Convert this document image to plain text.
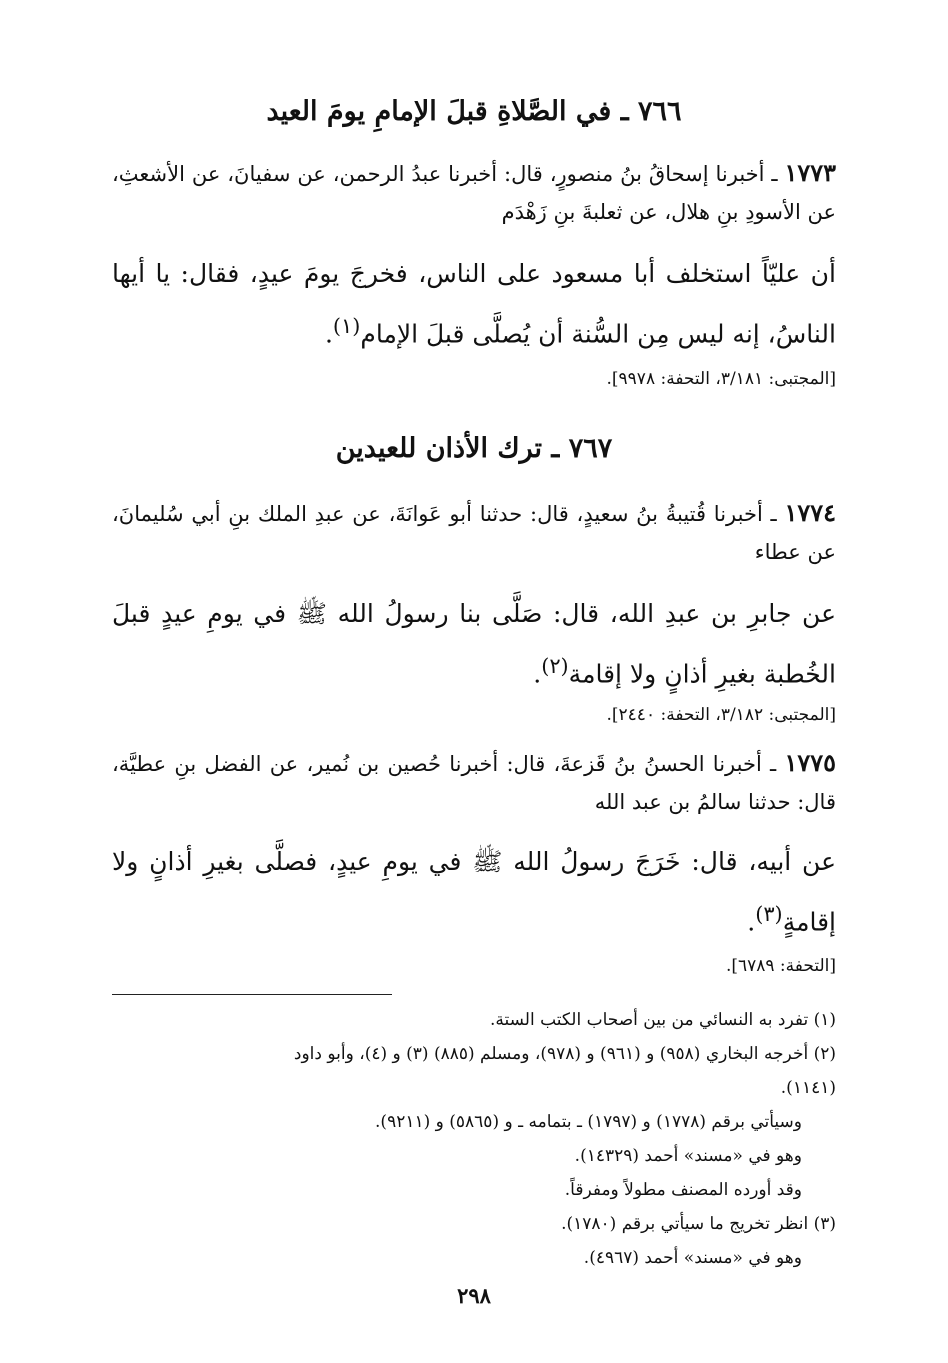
٧٦٦ ـ في الصَّلاةِ قبلَ الإمامِ يومَ العيد
١٧٧٣ ـ أخبرنا إسحاقُ بنُ منصورٍ، قال: أخبرنا عبدُ الرحمن، عن سفيانَ، عن الأشعثِ، عن الأسودِ بنِ هلال، عن ثعلبةَ بنِ زَهْدَم
أن عليّاً استخلف أبا مسعود على الناس، فخرجَ يومَ عيدٍ، فقال: يا أيها الناسُ، إنه ليس مِن السُّنة أن يُصلَّى قبلَ الإمام$^{(١)}$.
[المجتبى: ٣/١٨١، التحفة: ٩٩٧٨].
٧٦٧ ـ ترك الأذان للعيدين
١٧٧٤ ـ أخبرنا قُتيبةُ بنُ سعيدٍ، قال: حدثنا أبو عَوانَةَ، عن عبدِ الملك بنِ أبي سُليمانَ، عن عطاء
عن جابرِ بن عبدِ الله، قال: صَلَّى بنا رسولُ الله ﷺ في يومِ عيدٍ قبلَ الخُطبة بغيرِ أذانٍ ولا إقامة$^{(٢)}$.
[المجتبى: ٣/١٨٢، التحفة: ٢٤٤٠].
١٧٧٥ ـ أخبرنا الحسنُ بنُ قَزعةَ، قال: أخبرنا حُصين بن نُمير، عن الفضل بنِ عطيَّة، قال: حدثنا سالمُ بن عبد الله
عن أبيه، قال: خَرَجَ رسولُ الله ﷺ في يومِ عيدٍ، فصلَّى بغيرِ أذانٍ ولا إقامةٍ$^{(٣)}$.
[التحفة: ٦٧٨٩].
(١) تفرد به النسائي من بين أصحاب الكتب الستة.
(٢) أخرجه البخاري (٩٥٨) و (٩٦١) و (٩٧٨)، ومسلم (٨٨٥) (٣) و (٤)، وأبو داود
(١١٤١).
وسيأتي برقم (١٧٧٨) و (١٧٩٧) ـ بتمامه ـ و (٥٨٦٥) و (٩٢١١).
وهو في «مسند» أحمد (١٤٣٢٩).
وقد أورده المصنف مطولاً ومفرقاً.
(٣) انظر تخريج ما سيأتي برقم (١٧٨٠).
وهو في «مسند» أحمد (٤٩٦٧).
٢٩٨
